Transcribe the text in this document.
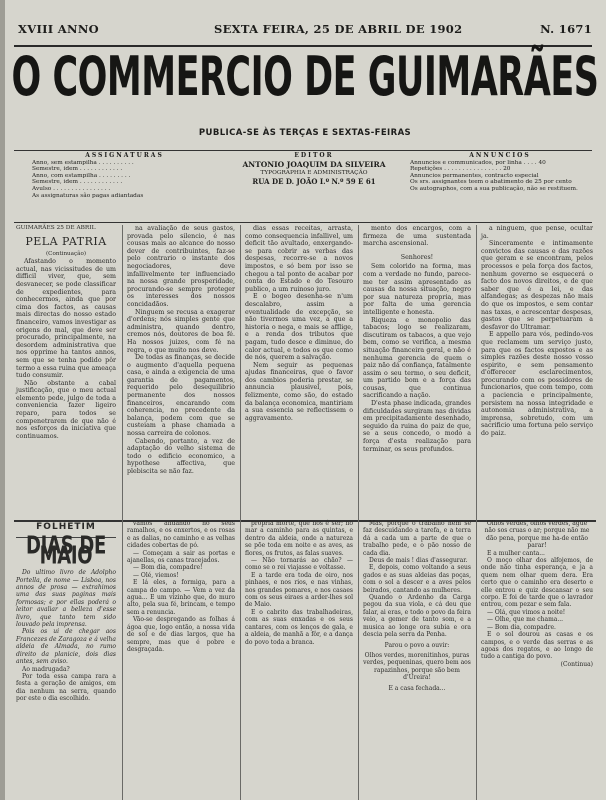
XVIII ANNO	SEXTA FEIRA, 25 DE ABRIL DE 1902	N. 1671
O COMMERCIO DE GUIMARÃES
PUBLICA-SE ÀS TERÇAS E SEXTAS-FEIRAS
ASSIGNATURAS
Anno, sem estampilha . . . . . . . . . .
Semestre, idem . . . . . . . . . . . .
Anno, com estampilha . . . . . . . . .
Semestre, idem . . . . . . . . . . . .
Avulso . . . . . . . . . . . . . . . .
As assignaturas são pagas adiantadas
EDITOR
ANTONIO JOAQUIM DA SILVEIRA
TYPOGRAPHIA E ADMINISTRAÇÃO
RUA DE D. JOÃO I.º N.º 59 E 61
ANNUNCIOS
Annuncios e communicados, por linha . . . . 40
Repetições . . . . . . . . . . . . . . . . 20
Annuncios permanentes, contracto especial
Os srs. assignantes teem o abatimento de 25 por cento
Os autographos, com a sua publicação, não se restituem.

GUIMARÃES 25 DE ABRIL

PELA PATRIA

(Continuação)

Afastando o momento actual, nas vicissitudes de um difficil viver, que, sem desvanecer, se pode classificar de expedientes, para conhecermos, ainda que por cima dos factos, as causas mais directas do nosso estado financeiro, vamos investigar as origens do mal, que deve ser procurado, principalmente, na desordem administrativa que nos opprime ha tantos annos, sem que se tenha podido pôr termo a essa ruina que ameaça tudo consumir.

Não obstante a cabal justificação, que o meu actual elemento pede, julgo de toda a conveniencia fazer ligeiro reparo, para todos se compenetrarem de que não é nos esforços da iniciativa que continuamos.

na avaliação de seus gastos, provada pelo silencio, é nas cousas mais ao alcance do nosso dever de contribuintes, faz-se pelo contrario o instante dos negociadores, deve infallivelmente ter influenciado na nossa grande prosperidade, procurando-se sempre proteger os interesses dos nossos concidadãos.

Ninguem se recusa a exagerar d'ordens; nós simples gente que administra, quando dentro, cremos nós, doutores de boa fé. Ha nossos juizes, com fé na regra, o que muito nos deve.

De todas as finanças, se decide o augmento d'aquella pequena casa, e ainda a exigencia de uma garantia de pagamentos, requerido pelo desequilibrio permanente dos nossos financeiros, encarando com coherencia, no precedente da balança, podem com que se custeiam a phase chamada a nossa carreira de colonos.

Cabendo, portanto, a vez de adaptação do velho sistema de todo o edificio economico, a hypothese affectiva, que plebiscita se não faz.

dias essas receitas, arrasta, como consequencia infallivel, um deficit tão avultado, enxergando-se para cobrir as verbas das despesas, recorre-se a novos impostos, e só bem por isso se chegou a tal ponto de acabar por conta do Estado e do Tesouro publico, a um ruinoso juro.

E o bogeo desenha-se n'um descalabro, assim a eventualidade de excepção, se não tivermos uma vez, a que a historia o nega, e mais se afflige, e a renda dos tributos que pagam, tudo desce e diminue, do calor actual, e todos os que como de nós, querem a salvação.

Nem seguir as pequenas ajudas financeiras, que o favor dos cambios poderia prestar, se annuncia plausivel, pois, felizmente, como são, do estado da balança economica, mantiriam a sua essencia se reflectissem o aggravamento.

mento dos encargos, com a firmeza de uma sustentada marcha ascensional.

Senhores!

Sem colorido na forma, mas com a verdade no fundo, parece-me ter assim apresentado as causas da nossa situação, negro por sua natureza propria, mas por falta de uma gerencia intelligente e honesta.

Riqueza e monopolio das tabacos; logo se realizaram, discutiram os tabacos, a que vejo bem, como se verifica, a mesma situação financeira geral, e não é nenhuma gerencia de quem o paiz não dá confiança, fatalmente assim o seu termo, o seu deficit, um partido bom e a força das cousas, que continua sacrificando a nação.

D'esta phase indicada, grandes dificuldades surgiram nas dividas em precipitadamente desenhado, seguido da ruina do paiz de que, se a seus concedo, o modo a força d'esta realização para terminar, os seus profundos.

a ninguem, que pense, ocultar ja.

Sinceramente e intimamente convictos das causas e das razões que geram e se encontram, pelos processos e pela força dos factos, nenhum governo se esquecerá o facto dos novos direitos, e de que saber que é a lei, e das alfandegas; as despezas não mais do que os impostos, e sem contar nas taxas, e acrescentar despesas, gastos que se perpetuaram a desfavor do Ultramar.

E appello para vós, pedindo-vos que reclamem um serviço justo, para que os factos expostos e as simples razões deste nosso vosso espirito, e sem pensamento d'offerecer esclarecimentos, procurando com os possidores de funcionarios, que com tempo, com a paciencia e principalmente, persistem na nossa integridade e autonomia administrativa, a imprensa, sobretudo, com um sacrificio uma fortuna pelo serviço do paiz.

FOLHETIM
DIAS DE MAIO

Do ultimo livro de Adolpho Portella, de nome — Lisboa, nos annos de prosa — extrahimos uma das suas paginas mais formosas; e por ellas poderá o leitor avaliar a belleza d'esse livro, que tanto tem sido louvado pela imprensa.

Pois os ui de chegar aos Francezes de Zaragoza e á velha aldeia de Almada, no rumo direito da planicie, dois dias antes, sem aviso.

Ao madrugada?

Por toda essa campa rara a festa a geração de amigos, em dia nenhum na serra, quando por este o dia escolhido.

vamos andando no seus ramalhos, e os enxertos, e os rosas e as dalias, no caminho e as velhas cidades cobertas de pó.

— Começam a sair as portas e ajanellas, os canas tracejados.

— Bom dia, compadre!

— Olé, viemos!

E lá eles, a formiga, para a campa do campo. — Vem a vez da agua... E um vizinho que, do muro alto, pela sua fé, brincam, e tempo sem a renuncia.

Vão-se despregando as folhas á ágoa que, logo então, a nossa vida de sol e de dias largos, que ha sempre, mas que é pobre e desgraçada.

propria morte, que nos é ser; no mar a caminho para as quintas, e dentro da aldeia, onde a natureza se põe toda em noite e as aves, as flores, os frutos, as falas suaves.

— Não tornarás ao chão? — como se o rei viajasse e voltasse.

E a tarde era toda de oiro, nos pinhaes, e nos rios, e nas vinhas, nos grandes pomares, e nos casaes com os seus eiraes a arder-lhes sol de Maio.

E o cabrito das trabalhadeiras, com as suas enxadas e os seus cantares, com os lenços de gala, e a aldeia, de manhã a fôr, e a dança do povo toda a branca.

Mas, porque o trabalho nem se faz descuidando a tarefa, e a terra dá a cada um a parte de que o trabalho pede, e o pão nosso de cada dia.

Deus de mais ! dias d'assegurar.

E, depois, como voltando a seus gados e as suas aldeias das poças, com o sol a descer e a aves pelos beirados, cantando as mulheres.

Quando o Ardenho da Carga pegou da sua viola, e cá deu que falar, ai eras, e todo o povo da feira veio, a gemer de tanto som, e a musica ao longe ora subia e ora descia pela serra da Penha.

Parou o povo a ouvir:

Olhos verdes, morenitinhos, puras verdes, pequeninas, quero bem aos rapazinhos, porque são bem d'Ureira!

E a casa fechada...

Olhos verdes, olhos verdes, ague não sos cruas o ar; porque não me dão pena, porque me ha-de então parar!

E a mulher canta...

O moço olhar dos alfojemos, de onde não tinha esperança, e ja a quem nem olhar quem dera. Era certo que o caminho era deserto e elle entrou e quiz descansar o seu corpo. E foi de tarde que o lavrador entrou, com pezar e sem fala.

— Olá, que vimos a noite!

— Olhe, que me chama...

— Bom dia, compadre.

E o sol dourou as casas e os campos, e o verde das serras e as agoas dos regatos, e ao longo de tudo a cantiga do povo.

(Continua)
